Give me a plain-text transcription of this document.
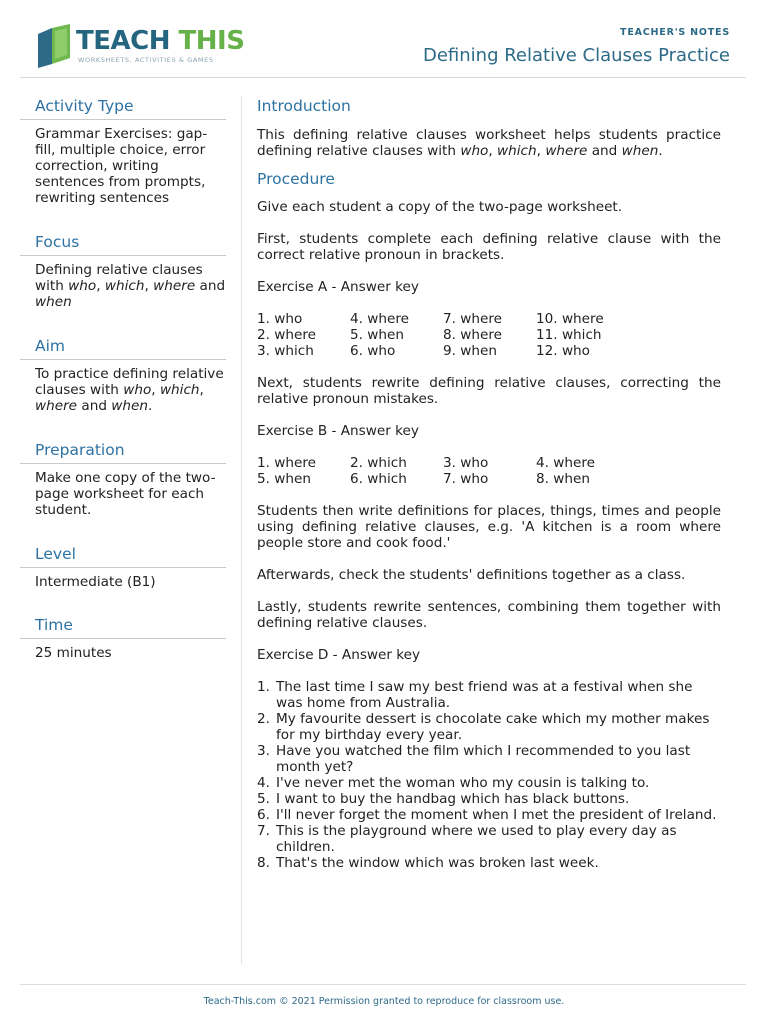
TEACH THIS
WORKSHEETS, ACTIVITIES & GAMES
TEACHER'S NOTES
Defining Relative Clauses Practice
Activity Type
Grammar Exercises: gap-fill, multiple choice, error correction, writing sentences from prompts, rewriting sentences
Focus
Defining relative clauses with who, which, where and when
Aim
To practice defining relative clauses with who, which, where and when.
Preparation
Make one copy of the two-page worksheet for each student.
Level
Intermediate (B1)
Time
25 minutes
Introduction
This defining relative clauses worksheet helps students practice defining relative clauses with who, which, where and when.
Procedure
Give each student a copy of the two-page worksheet.
First, students complete each defining relative clause with the correct relative pronoun in brackets.
Exercise A - Answer key
1. who	4. where	7. where	10. where
2. where	5. when	8. where	11. which
3. which	6. who	9. when	12. who
Next, students rewrite defining relative clauses, correcting the relative pronoun mistakes.
Exercise B - Answer key
1. where	2. which	3. who	4. where
5. when	6. which	7. who	8. when
Students then write definitions for places, things, times and people using defining relative clauses, e.g. 'A kitchen is a room where people store and cook food.'
Afterwards, check the students' definitions together as a class.
Lastly, students rewrite sentences, combining them together with defining relative clauses.
Exercise D - Answer key
1. The last time I saw my best friend was at a festival when she was home from Australia.
2. My favourite dessert is chocolate cake which my mother makes for my birthday every year.
3. Have you watched the film which I recommended to you last month yet?
4. I've never met the woman who my cousin is talking to.
5. I want to buy the handbag which has black buttons.
6. I'll never forget the moment when I met the president of Ireland.
7. This is the playground where we used to play every day as children.
8. That's the window which was broken last week.
Teach-This.com © 2021 Permission granted to reproduce for classroom use.
